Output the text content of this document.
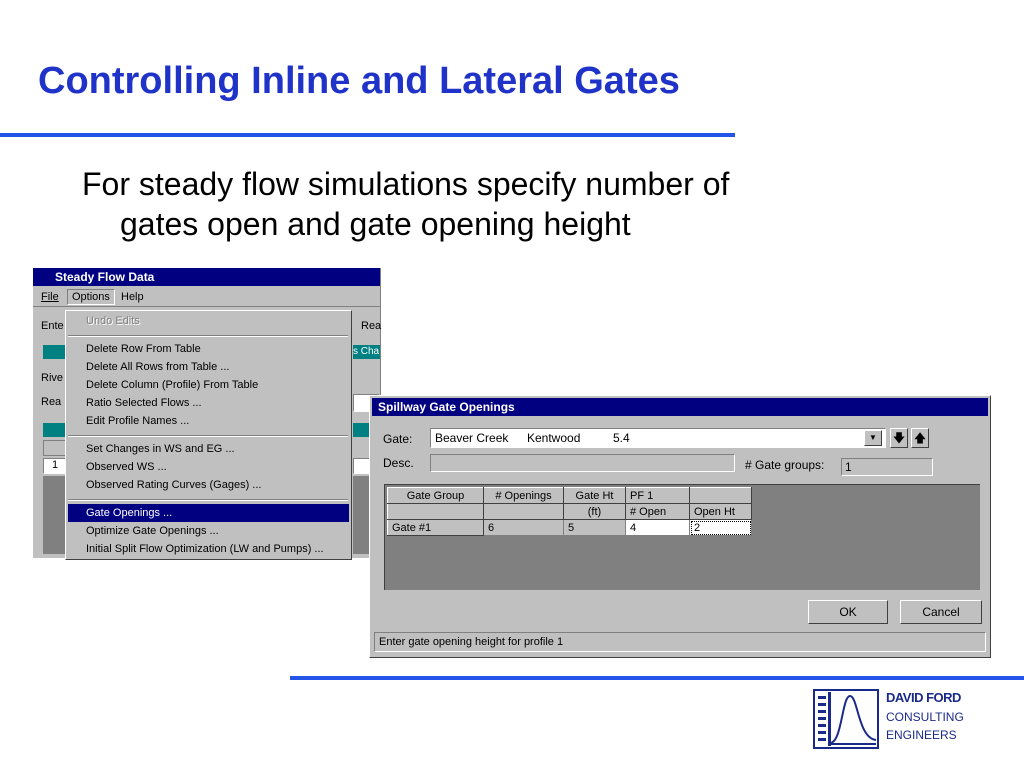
Controlling Inline and Lateral Gates
For steady flow simulations specify number of
gates open and gate opening height
Steady Flow Data
File	Options	Help
Ente	Rea
s Cha
Rive
Rea
1
Undo Edits
Delete Row From Table
Delete All Rows from Table ...
Delete Column (Profile) From Table
Ratio Selected Flows ...
Edit Profile Names ...
Set Changes in WS and EG ...
Observed WS ...
Observed Rating Curves (Gages) ...
Gate Openings ...
Optimize Gate Openings ...
Initial Split Flow Optimization (LW and Pumps) ...
Spillway Gate Openings
Gate: Beaver Creek Kentwood	5.4	▼	🡇 🡅
Desc.	# Gate groups:	1
Gate Group	# Openings	Gate Ht	PF 1	
		(ft)	# Open	Open Ht
Gate #1	6	5	4	2
OK	Cancel
Enter gate opening height for profile 1
DAVID FORD
CONSULTING
ENGINEERS
